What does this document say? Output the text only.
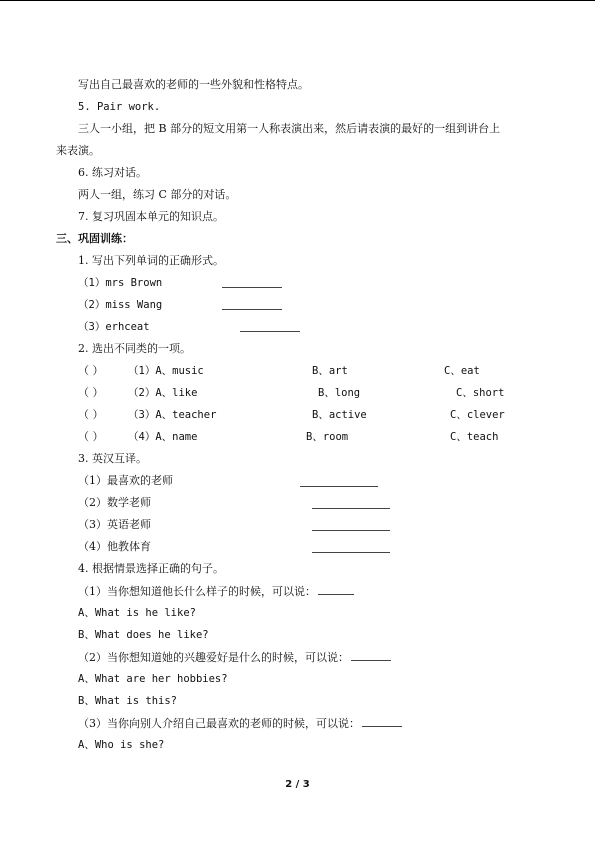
写出自己最喜欢的老师的一些外貌和性格特点。
5. Pair work.
三人一小组，把 B 部分的短文用第一人称表演出来，然后请表演的最好的一组到讲台上
来表演。
6. 练习对话。
两人一组，练习 C 部分的对话。
7. 复习巩固本单元的知识点。
三、巩固训练：
1. 写出下列单词的正确形式。
（1）mrs Brown
（2）miss Wang
（3）erhceat
2. 选出不同类的一项。
（ ） （1）A、music	B、art	C、eat
（ ） （2）A、like	B、long	C、short
（ ） （3）A、teacher	B、active	C、clever
（ ） （4）A、name	B、room	C、teach
3. 英汉互译。
（1）最喜欢的老师
（2）数学老师
（3）英语老师
（4）他教体育
4. 根据情景选择正确的句子。
（1）当你想知道他长什么样子的时候，可以说：
A、What is he like?
B、What does he like?
（2）当你想知道她的兴趣爱好是什么的时候，可以说：
A、What are her hobbies?
B、What is this?
（3）当你向别人介绍自己最喜欢的老师的时候，可以说：
A、Who is she?
2 / 3
